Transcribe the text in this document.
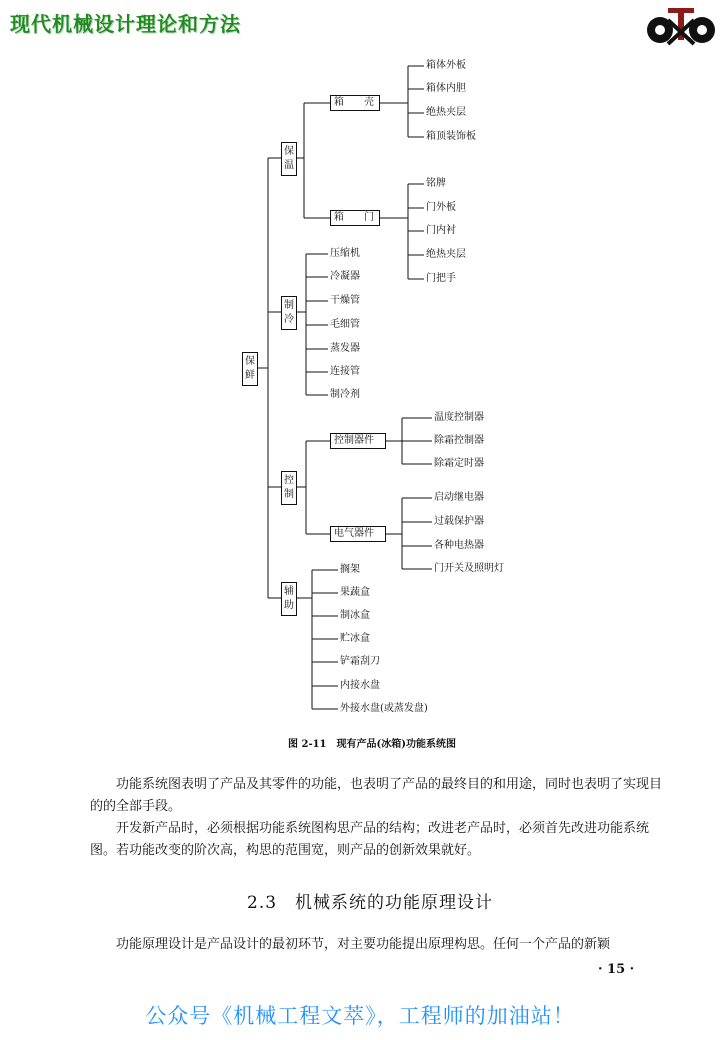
现代机械设计理论和方法
保鲜
保温
箱　　壳
箱体外板
箱体内胆
绝热夹层
箱顶装饰板
箱　　门
铭牌
门外板
门内衬
绝热夹层
门把手
制冷
压缩机
冷凝器
干燥管
毛细管
蒸发器
连接管
制冷剂
控制
控制器件
温度控制器
除霜控制器
除霜定时器
电气器件
启动继电器
过载保护器
各种电热器
门开关及照明灯
辅助
搁架
果蔬盒
制冰盒
贮冰盒
铲霜刮刀
内接水盘
外接水盘(或蒸发盘)
图 2-11　现有产品(冰箱)功能系统图
功能系统图表明了产品及其零件的功能，也表明了产品的最终目的和用途，同时也表明了实现目的的全部手段。
开发新产品时，必须根据功能系统图构思产品的结构；改进老产品时，必须首先改进功能系统图。若功能改变的阶次高，构思的范围宽，则产品的创新效果就好。
2.3　机械系统的功能原理设计
功能原理设计是产品设计的最初环节，对主要功能提出原理构思。任何一个产品的新颖
· 15 ·
公众号《机械工程文萃》，工程师的加油站！
